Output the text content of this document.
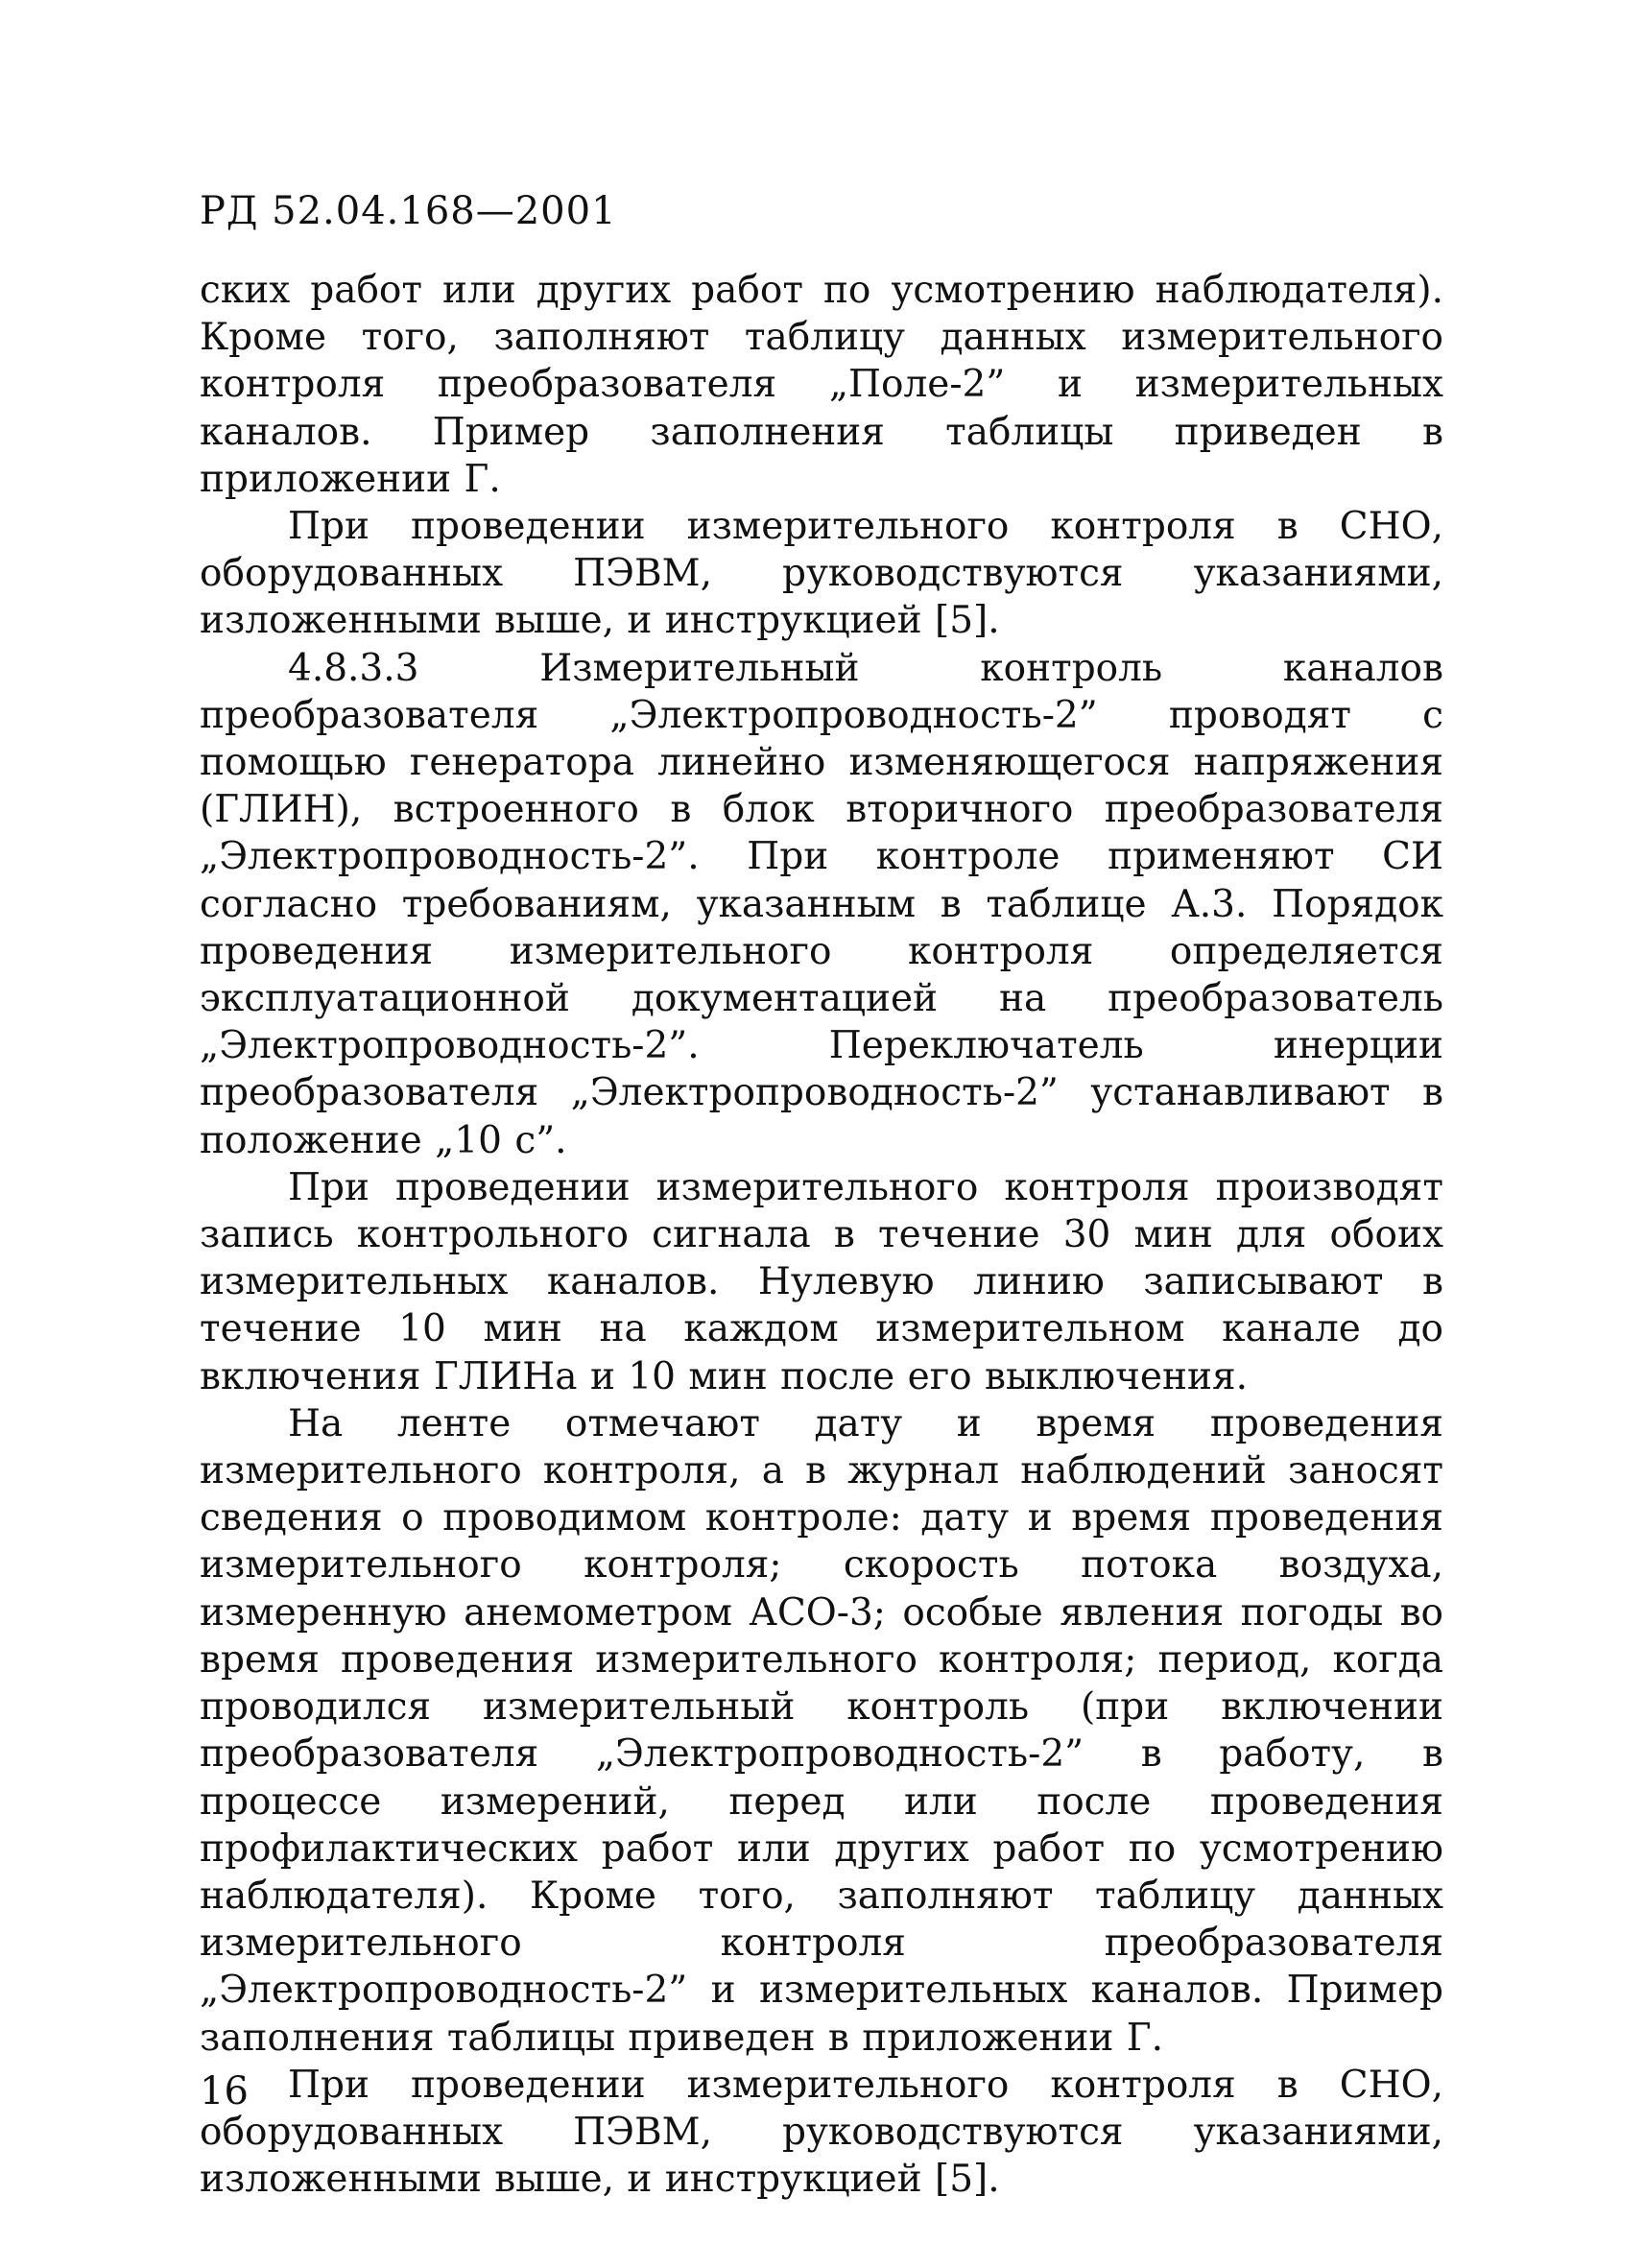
РД 52.04.168—2001

ских работ или других работ по усмотрению наблюдателя). Кроме того, заполняют таблицу данных измерительного контроля преобразователя „Поле-2” и измерительных каналов. Пример заполнения таблицы приведен в приложении Г.

При проведении измерительного контроля в СНО, оборудованных ПЭВМ, руководствуются указаниями, изложенными выше, и инструкцией [5].

4.8.3.3 Измерительный контроль каналов преобразователя „Электропроводность-2” проводят с помощью генератора линейно изменяющегося напряжения (ГЛИН), встроенного в блок вторичного преобразователя „Электропроводность-2”. При контроле применяют СИ согласно требованиям, указанным в таблице А.3. Порядок проведения измерительного контроля определяется эксплуатационной документацией на преобразователь „Электропроводность-2”. Переключатель инерции преобразователя „Электропроводность-2” устанавливают в положение „10 с”.

При проведении измерительного контроля производят запись контрольного сигнала в течение 30 мин для обоих измерительных каналов. Нулевую линию записывают в течение 10 мин на каждом измерительном канале до включения ГЛИНа и 10 мин после его выключения.

На ленте отмечают дату и время проведения измерительного контроля, а в журнал наблюдений заносят сведения о проводимом контроле: дату и время проведения измерительного контроля; скорость потока воздуха, измеренную анемометром АСО-3; особые явления погоды во время проведения измерительного контроля; период, когда проводился измерительный контроль (при включении преобразователя „Электропроводность-2” в работу, в процессе измерений, перед или после проведения профилактических работ или других работ по усмотрению наблюдателя). Кроме того, заполняют таблицу данных измерительного контроля преобразователя „Электропроводность-2” и измерительных каналов. Пример заполнения таблицы приведен в приложении Г.

При проведении измерительного контроля в СНО, оборудованных ПЭВМ, руководствуются указаниями, изложенными выше, и инструкцией [5].

16
